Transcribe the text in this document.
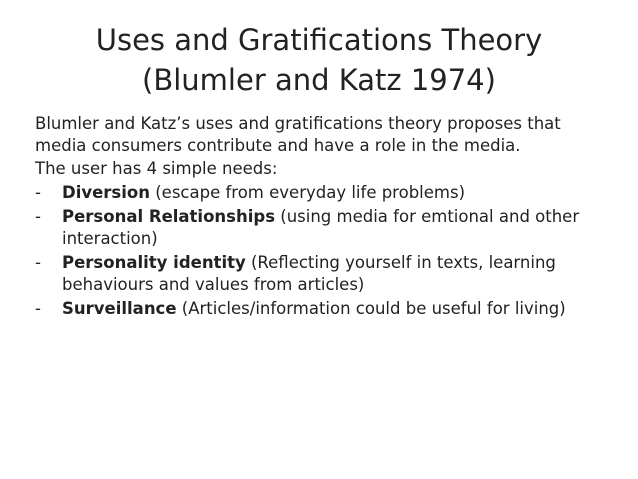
Uses and Gratifications Theory
(Blumler and Katz 1974)

Blumler and Katz’s uses and gratifications theory proposes that media consumers contribute and have a role in the media.

The user has 4 simple needs:

- Diversion (escape from everyday life problems)
- Personal Relationships (using media for emtional and other interaction)
- Personality identity (Reflecting yourself in texts, learning behaviours and values from articles)
- Surveillance (Articles/information could be useful for living)
